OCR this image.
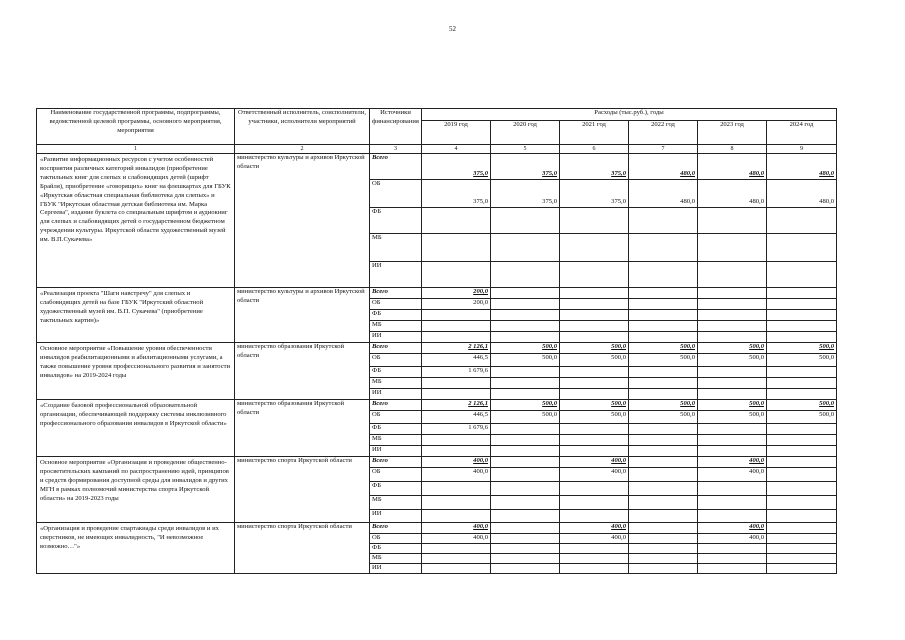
52
Наименование государственной программы, подпрограммы, ведомственной целевой программы, основного мероприятия, мероприятия	Ответственный исполнитель, соисполнители, участники, исполнители мероприятий	Источники финансирования	Расходы (тыс.руб.), годы					
			2019 год	2020 год	2021 год	2022 год	2023 год	2024 год
1	2	3	4	5	6	7	8	9
«Развитие информационных ресурсов с учетом особенностей восприятия различных категорий инвалидов (приобретение тактильных книг для слепых и слабовидящих детей (шрифт Брайля), приобретение «говорящих» книг на флешкартах для ГБУК «Иркутская областная специальная библиотека для слепых» и ГБУК "Иркутская областная детская библиотека им. Марка Сергеева", издание буклета со специальным шрифтом и аудиокниг для слепых и слабовидящих детей о государственном бюджетном учреждении культуры. Иркутской области художественный музей им. В.П.Сукачева»	министерство культуры и архивов Иркутской области	Всего	375,0	375,0	375,0	480,0	480,0	480,0
		ОБ	375,0	375,0	375,0	480,0	480,0	480,0
		ФБ						
		МБ						
		ИИ						
«Реализация проекта "Шаги навстречу" для слепых и слабовидящих детей на базе ГБУК "Иркутский областной художественный музей им. В.П. Сукачева" (приобретение тактильных картин)»	министерство культуры и архивов Иркутской области	Всего	200,0					
		ОБ	200,0					
		ФБ						
		МБ						
		ИИ						
Основное мероприятие «Повышение уровня обеспеченности инвалидов реабилитационными и абилитационными услугами, а также повышение уровня профессионального развития и занятости инвалидов» на 2019-2024 годы	министерство образования Иркутской области	Всего	2 126,1	500,0	500,0	500,0	500,0	500,0
		ОБ	446,5	500,0	500,0	500,0	500,0	500,0
		ФБ	1 679,6					
		МБ						
		ИИ						
«Создание базовой профессиональной образовательной организации, обеспечивающей поддержку системы инклюзивного профессионального образования инвалидов в Иркутской области»	министерство образования Иркутской области	Всего	2 126,1	500,0	500,0	500,0	500,0	500,0
		ОБ	446,5	500,0	500,0	500,0	500,0	500,0
		ФБ	1 679,6					
		МБ						
		ИИ						
Основное мероприятие «Организация и проведение общественно-просветительских кампаний по распространению идей, принципов и средств формирования доступной среды для инвалидов и других МГН в рамках полномочий министерства спорта Иркутской области» на 2019-2023 годы	министерство спорта Иркутской области	Всего	400,0		400,0		400,0	
		ОБ	400,0		400,0		400,0	
		ФБ						
		МБ						
		ИИ						
«Организация и проведение спартакиады среди инвалидов и их сверстников, не имеющих инвалидность, "И невозможное возможно…"»	министерство спорта Иркутской области	Всего	400,0		400,0		400,0	
		ОБ	400,0		400,0		400,0	
		ФБ						
		МБ						
		ИИ						
